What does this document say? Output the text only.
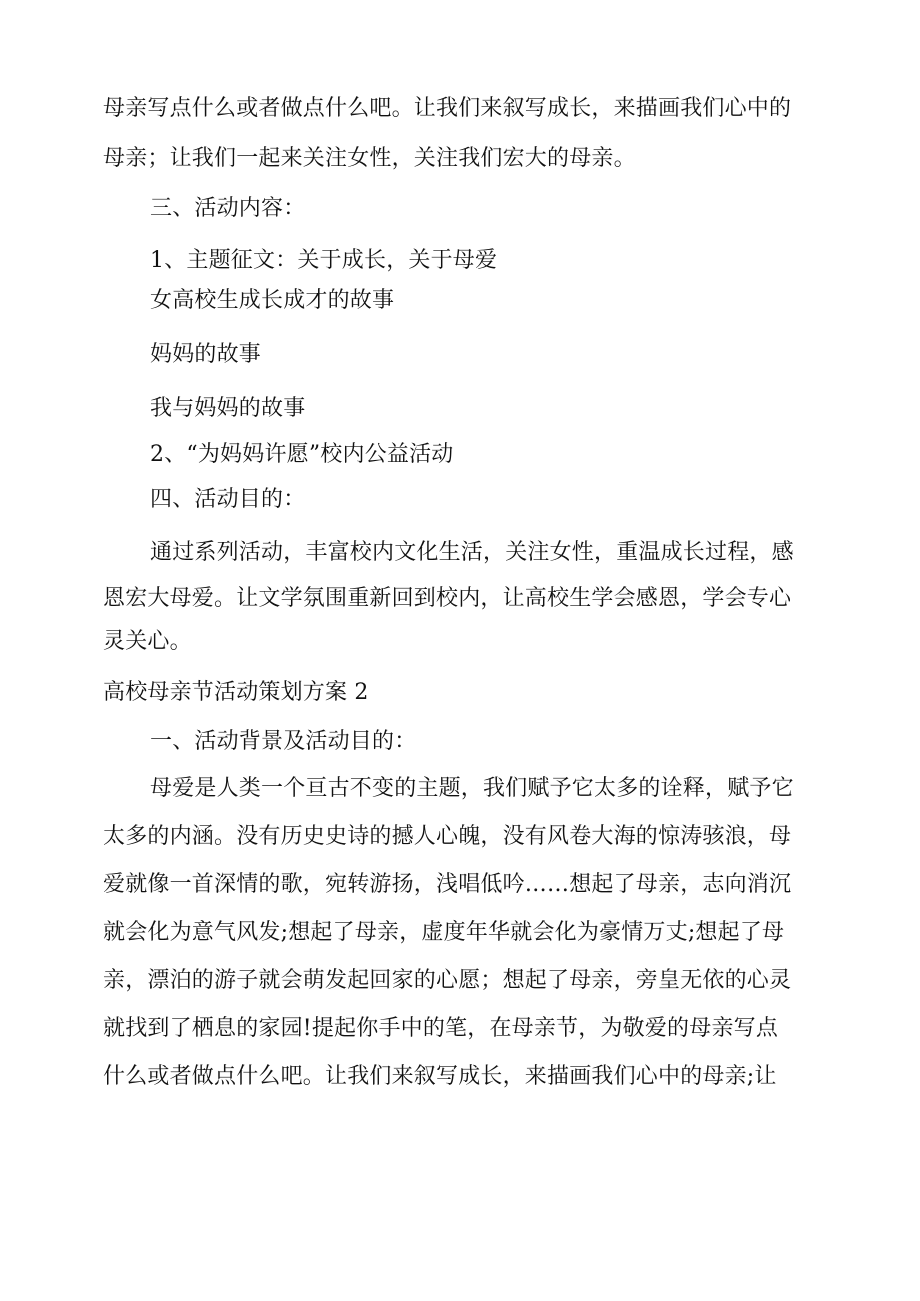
母亲写点什么或者做点什么吧。让我们来叙写成长，来描画我们心中的
母亲；让我们一起来关注女性，关注我们宏大的母亲。
三、活动内容：
1、主题征文：关于成长，关于母爱
女高校生成长成才的故事
妈妈的故事
我与妈妈的故事
2、“为妈妈许愿”校内公益活动
四、活动目的：
通过系列活动，丰富校内文化生活，关注女性，重温成长过程，感
恩宏大母爱。让文学氛围重新回到校内，让高校生学会感恩，学会专心
灵关心。
高校母亲节活动策划方案 2
一、活动背景及活动目的：
母爱是人类一个亘古不变的主题，我们赋予它太多的诠释，赋予它
太多的内涵。没有历史史诗的撼人心魄，没有风卷大海的惊涛骇浪，母
爱就像一首深情的歌，宛转游扬，浅唱低吟……想起了母亲，志向消沉
就会化为意气风发;想起了母亲，虚度年华就会化为豪情万丈;想起了母
亲，漂泊的游子就会萌发起回家的心愿；想起了母亲，旁皇无依的心灵
就找到了栖息的家园!提起你手中的笔，在母亲节，为敬爱的母亲写点
什么或者做点什么吧。让我们来叙写成长，来描画我们心中的母亲;让
